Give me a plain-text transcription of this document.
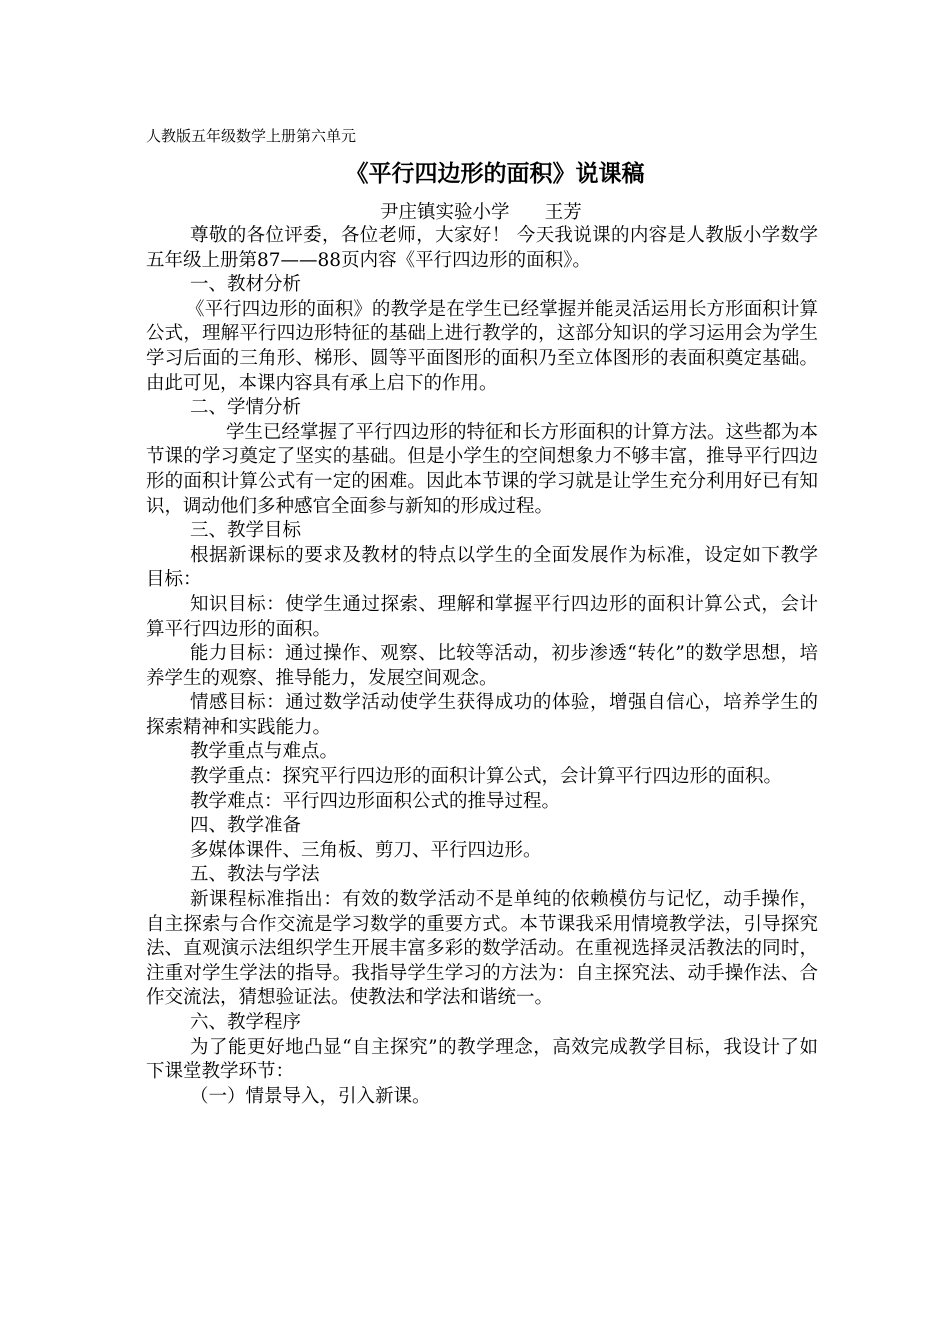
人教版五年级数学上册第六单元
《平行四边形的面积》说课稿
尹庄镇实验小学      王芳

尊敬的各位评委，各位老师，大家好！ 今天我说课的内容是人教版小学数学五年级上册第87——88页内容《平行四边形的面积》。

一、教材分析

《平行四边形的面积》的教学是在学生已经掌握并能灵活运用长方形面积计算公式，理解平行四边形特征的基础上进行教学的，这部分知识的学习运用会为学生学习后面的三角形、梯形、圆等平面图形的面积乃至立体图形的表面积奠定基础。由此可见，本课内容具有承上启下的作用。

二、学情分析

学生已经掌握了平行四边形的特征和长方形面积的计算方法。这些都为本节课的学习奠定了坚实的基础。但是小学生的空间想象力不够丰富，推导平行四边形的面积计算公式有一定的困难。因此本节课的学习就是让学生充分利用好已有知识，调动他们多种感官全面参与新知的形成过程。

三、教学目标

根据新课标的要求及教材的特点以学生的全面发展作为标准，设定如下教学目标：

知识目标：使学生通过探索、理解和掌握平行四边形的面积计算公式，会计算平行四边形的面积。

能力目标：通过操作、观察、比较等活动，初步渗透“转化”的数学思想，培养学生的观察、推导能力，发展空间观念。

情感目标：通过数学活动使学生获得成功的体验，增强自信心，培养学生的探索精神和实践能力。

教学重点与难点。

教学重点：探究平行四边形的面积计算公式，会计算平行四边形的面积。

教学难点：平行四边形面积公式的推导过程。

四、教学准备

多媒体课件、三角板、剪刀、平行四边形。

五、教法与学法

新课程标准指出：有效的数学活动不是单纯的依赖模仿与记忆，动手操作，自主探索与合作交流是学习数学的重要方式。本节课我采用情境教学法，引导探究法、直观演示法组织学生开展丰富多彩的数学活动。在重视选择灵活教法的同时，注重对学生学法的指导。我指导学生学习的方法为：自主探究法、动手操作法、合作交流法，猜想验证法。使教法和学法和谐统一。

六、教学程序

为了能更好地凸显“自主探究”的教学理念，高效完成教学目标，我设计了如下课堂教学环节：

（一）情景导入，引入新课。
